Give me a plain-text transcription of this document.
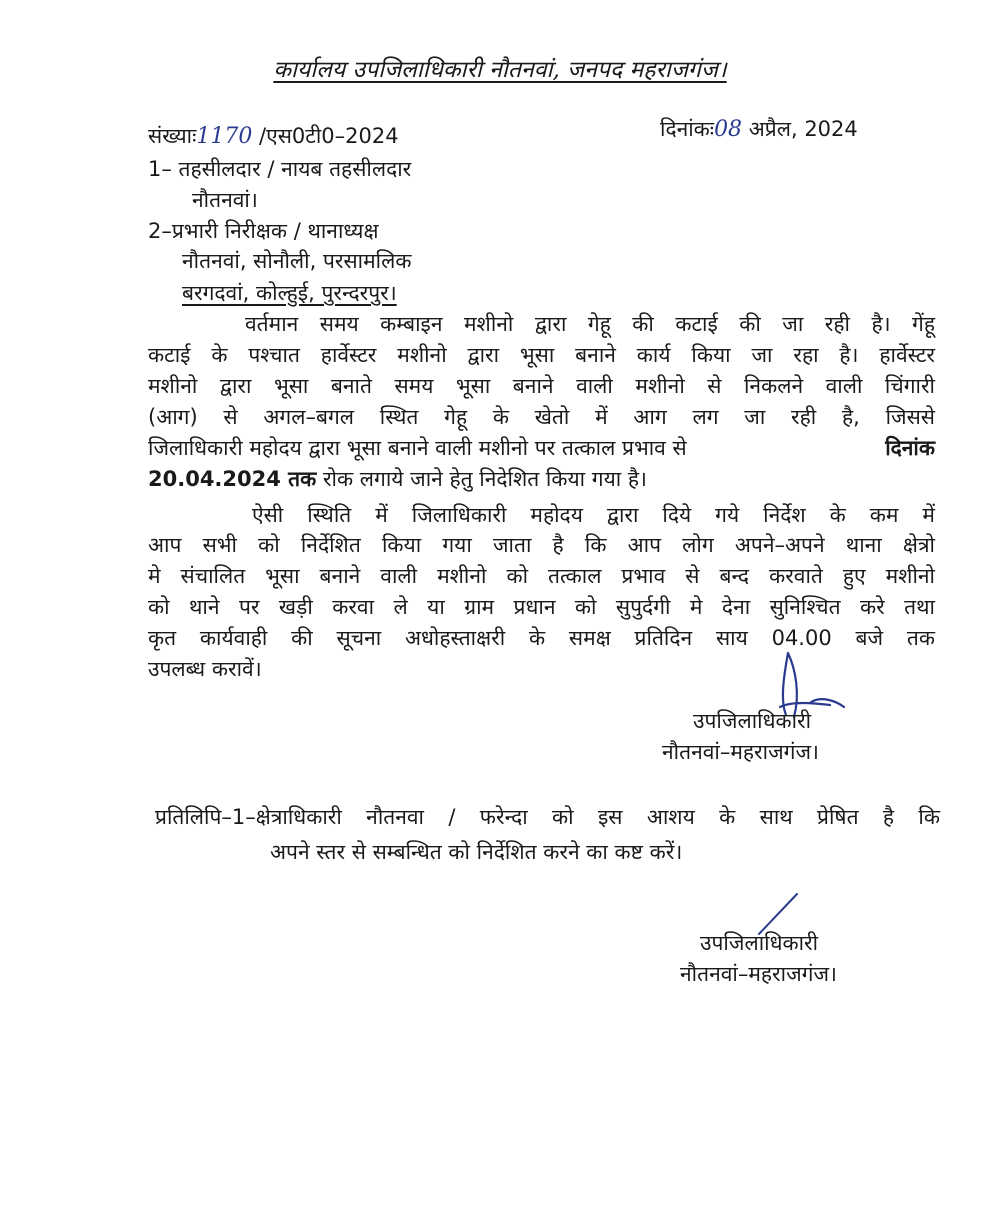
कार्यालय उपजिलाधिकारी नौतनवां, जनपद महराजगंज।
संख्याः1170 /एस0टी0–2024	दिनांकः08 अप्रैल, 2024
1– तहसीलदार / नायब तहसीलदार
नौतनवां।
2–प्रभारी निरीक्षक / थानाध्यक्ष
नौतनवां, सोनौली, परसामलिक
बरगदवां, कोल्हुई, पुरन्दरपुर।
वर्तमान समय कम्बाइन मशीनो द्वारा गेहू की कटाई की जा रही है। गेंहू
कटाई के पश्चात हार्वेस्टर मशीनो द्वारा भूसा बनाने कार्य किया जा रहा है। हार्वेस्टर
मशीनो द्वारा भूसा बनाते समय भूसा बनाने वाली मशीनो से निकलने वाली चिंगारी
(आग) से अगल–बगल स्थित गेहू के खेतो में आग लग जा रही है, जिससे
जिलाधिकारी महोदय द्वारा भूसा बनाने वाली मशीनो पर तत्काल प्रभाव से	दिनांक
20.04.2024 तक रोक लगाये जाने हेतु निदेशित किया गया है।
ऐसी स्थिति में जिलाधिकारी महोदय द्वारा दिये गये निर्देश के कम में
आप सभी को निर्देशित किया गया जाता है कि आप लोग अपने–अपने थाना क्षेत्रो
मे संचालित भूसा बनाने वाली मशीनो को तत्काल प्रभाव से बन्द करवाते हुए मशीनो
को थाने पर खड़ी करवा ले या ग्राम प्रधान को सुपुर्दगी मे देना सुनिश्चित करे तथा
कृत कार्यवाही की सूचना अधोहस्ताक्षरी के समक्ष प्रतिदिन साय 04.00 बजे तक
उपलब्ध करावें।
उपजिलाधिकारी
नौतनवां–महराजगंज।
प्रतिलिपि–1–क्षेत्राधिकारी नौतनवा / फरेन्दा को इस आशय के साथ प्रेषित है कि
अपने स्तर से सम्बन्धित को निर्देशित करने का कष्ट करें।
उपजिलाधिकारी
नौतनवां–महराजगंज।
